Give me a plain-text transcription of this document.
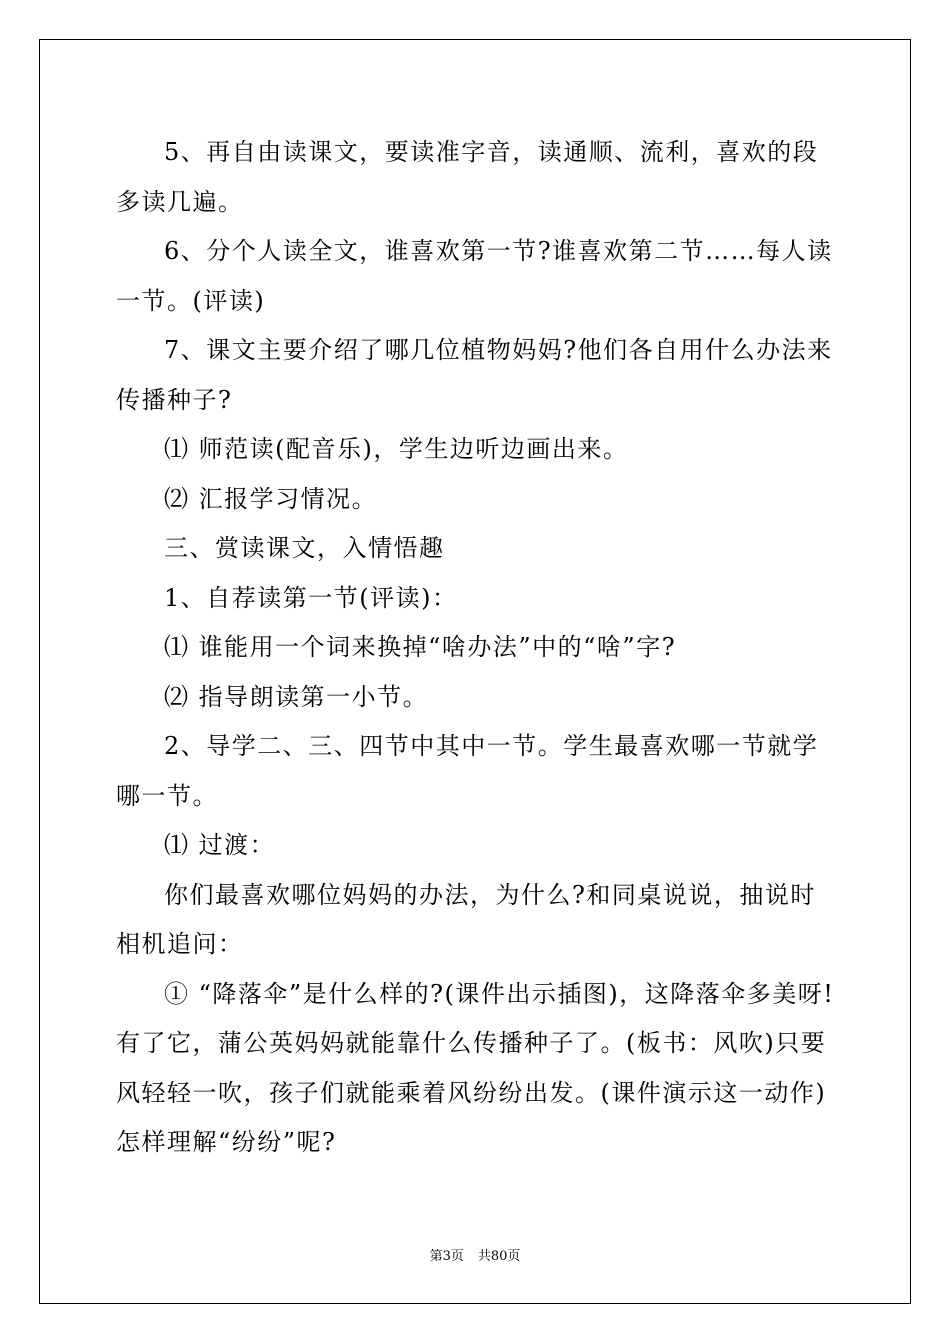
5、再自由读课文，要读准字音，读通顺、流利，喜欢的段多读几遍。

6、分个人读全文，谁喜欢第一节?谁喜欢第二节……每人读一节。(评读)

7、课文主要介绍了哪几位植物妈妈?他们各自用什么办法来传播种子?

⑴ 师范读(配音乐)，学生边听边画出来。

⑵ 汇报学习情况。

三、赏读课文，入情悟趣

1、自荐读第一节(评读)：

⑴ 谁能用一个词来换掉“啥办法”中的“啥”字?

⑵ 指导朗读第一小节。

2、导学二、三、四节中其中一节。学生最喜欢哪一节就学哪一节。

⑴ 过渡：

你们最喜欢哪位妈妈的办法，为什么?和同桌说说，抽说时相机追问：

① “降落伞”是什么样的?(课件出示插图)，这降落伞多美呀!有了它，蒲公英妈妈就能靠什么传播种子了。(板书：风吹)只要风轻轻一吹，孩子们就能乘着风纷纷出发。(课件演示这一动作)怎样理解“纷纷”呢?

第3页 共80页
